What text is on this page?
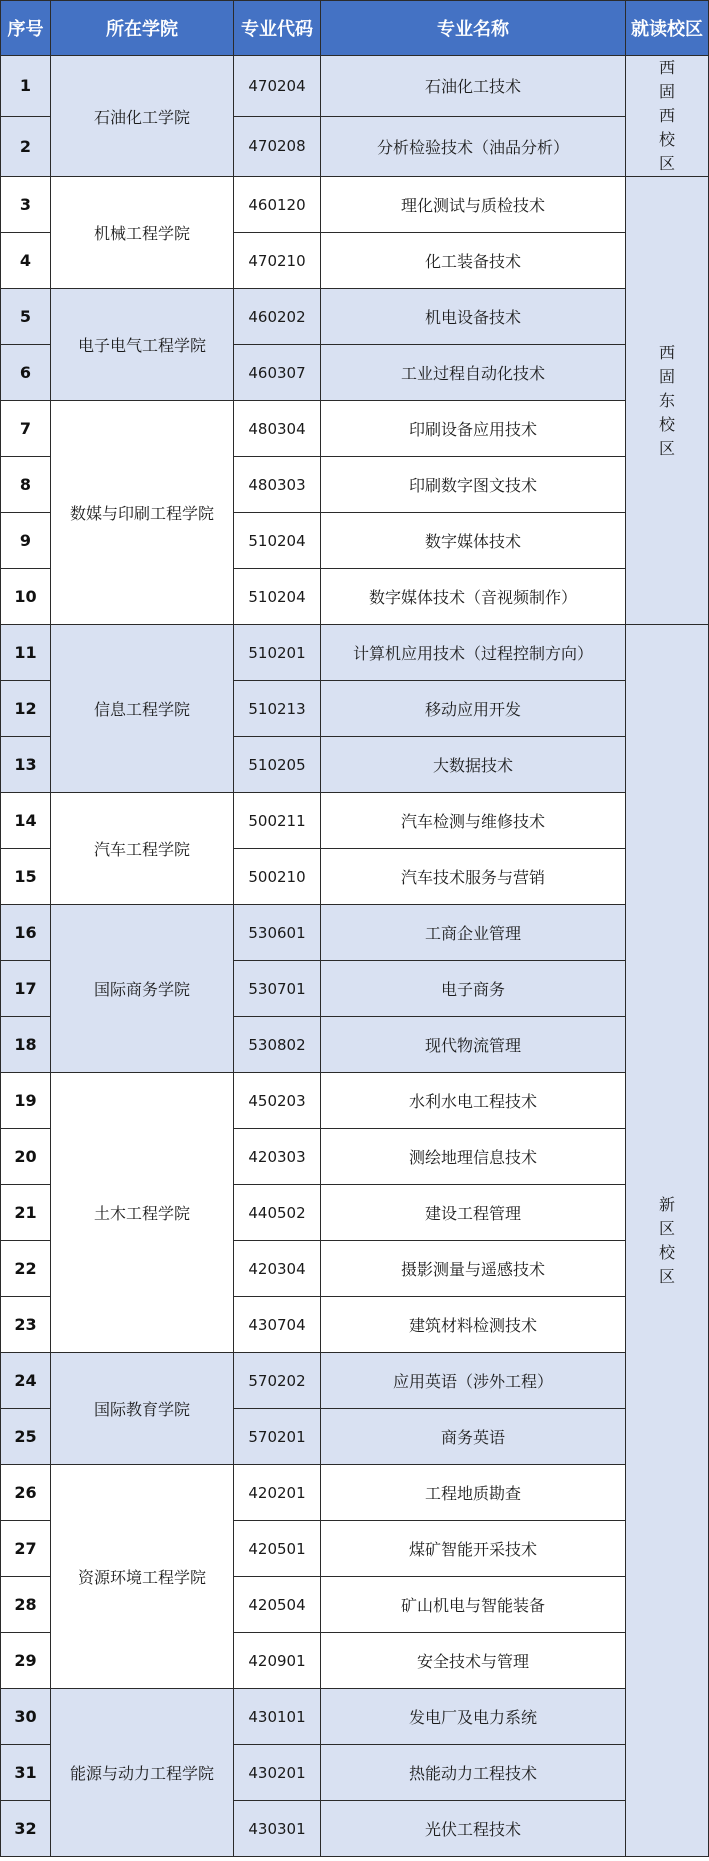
序号	所在学院	专业代码	专业名称	就读校区
1	石油化工学院	470204	石油化工技术	西固西校区
2		470208	分析检验技术（油品分析）	
3	机械工程学院	460120	理化测试与质检技术	西固东校区
4		470210	化工装备技术	
5	电子电气工程学院	460202	机电设备技术	
6		460307	工业过程自动化技术	
7	数媒与印刷工程学院	480304	印刷设备应用技术	
8		480303	印刷数字图文技术	
9		510204	数字媒体技术	
10		510204	数字媒体技术（音视频制作）	
11	信息工程学院	510201	计算机应用技术（过程控制方向）	新区校区
12		510213	移动应用开发	
13		510205	大数据技术	
14	汽车工程学院	500211	汽车检测与维修技术	
15		500210	汽车技术服务与营销	
16	国际商务学院	530601	工商企业管理	
17		530701	电子商务	
18		530802	现代物流管理	
19	土木工程学院	450203	水利水电工程技术	
20		420303	测绘地理信息技术	
21		440502	建设工程管理	
22		420304	摄影测量与遥感技术	
23		430704	建筑材料检测技术	
24	国际教育学院	570202	应用英语（涉外工程）	
25		570201	商务英语	
26	资源环境工程学院	420201	工程地质勘查	
27		420501	煤矿智能开采技术	
28		420504	矿山机电与智能装备	
29		420901	安全技术与管理	
30	能源与动力工程学院	430101	发电厂及电力系统	
31		430201	热能动力工程技术	
32		430301	光伏工程技术	
